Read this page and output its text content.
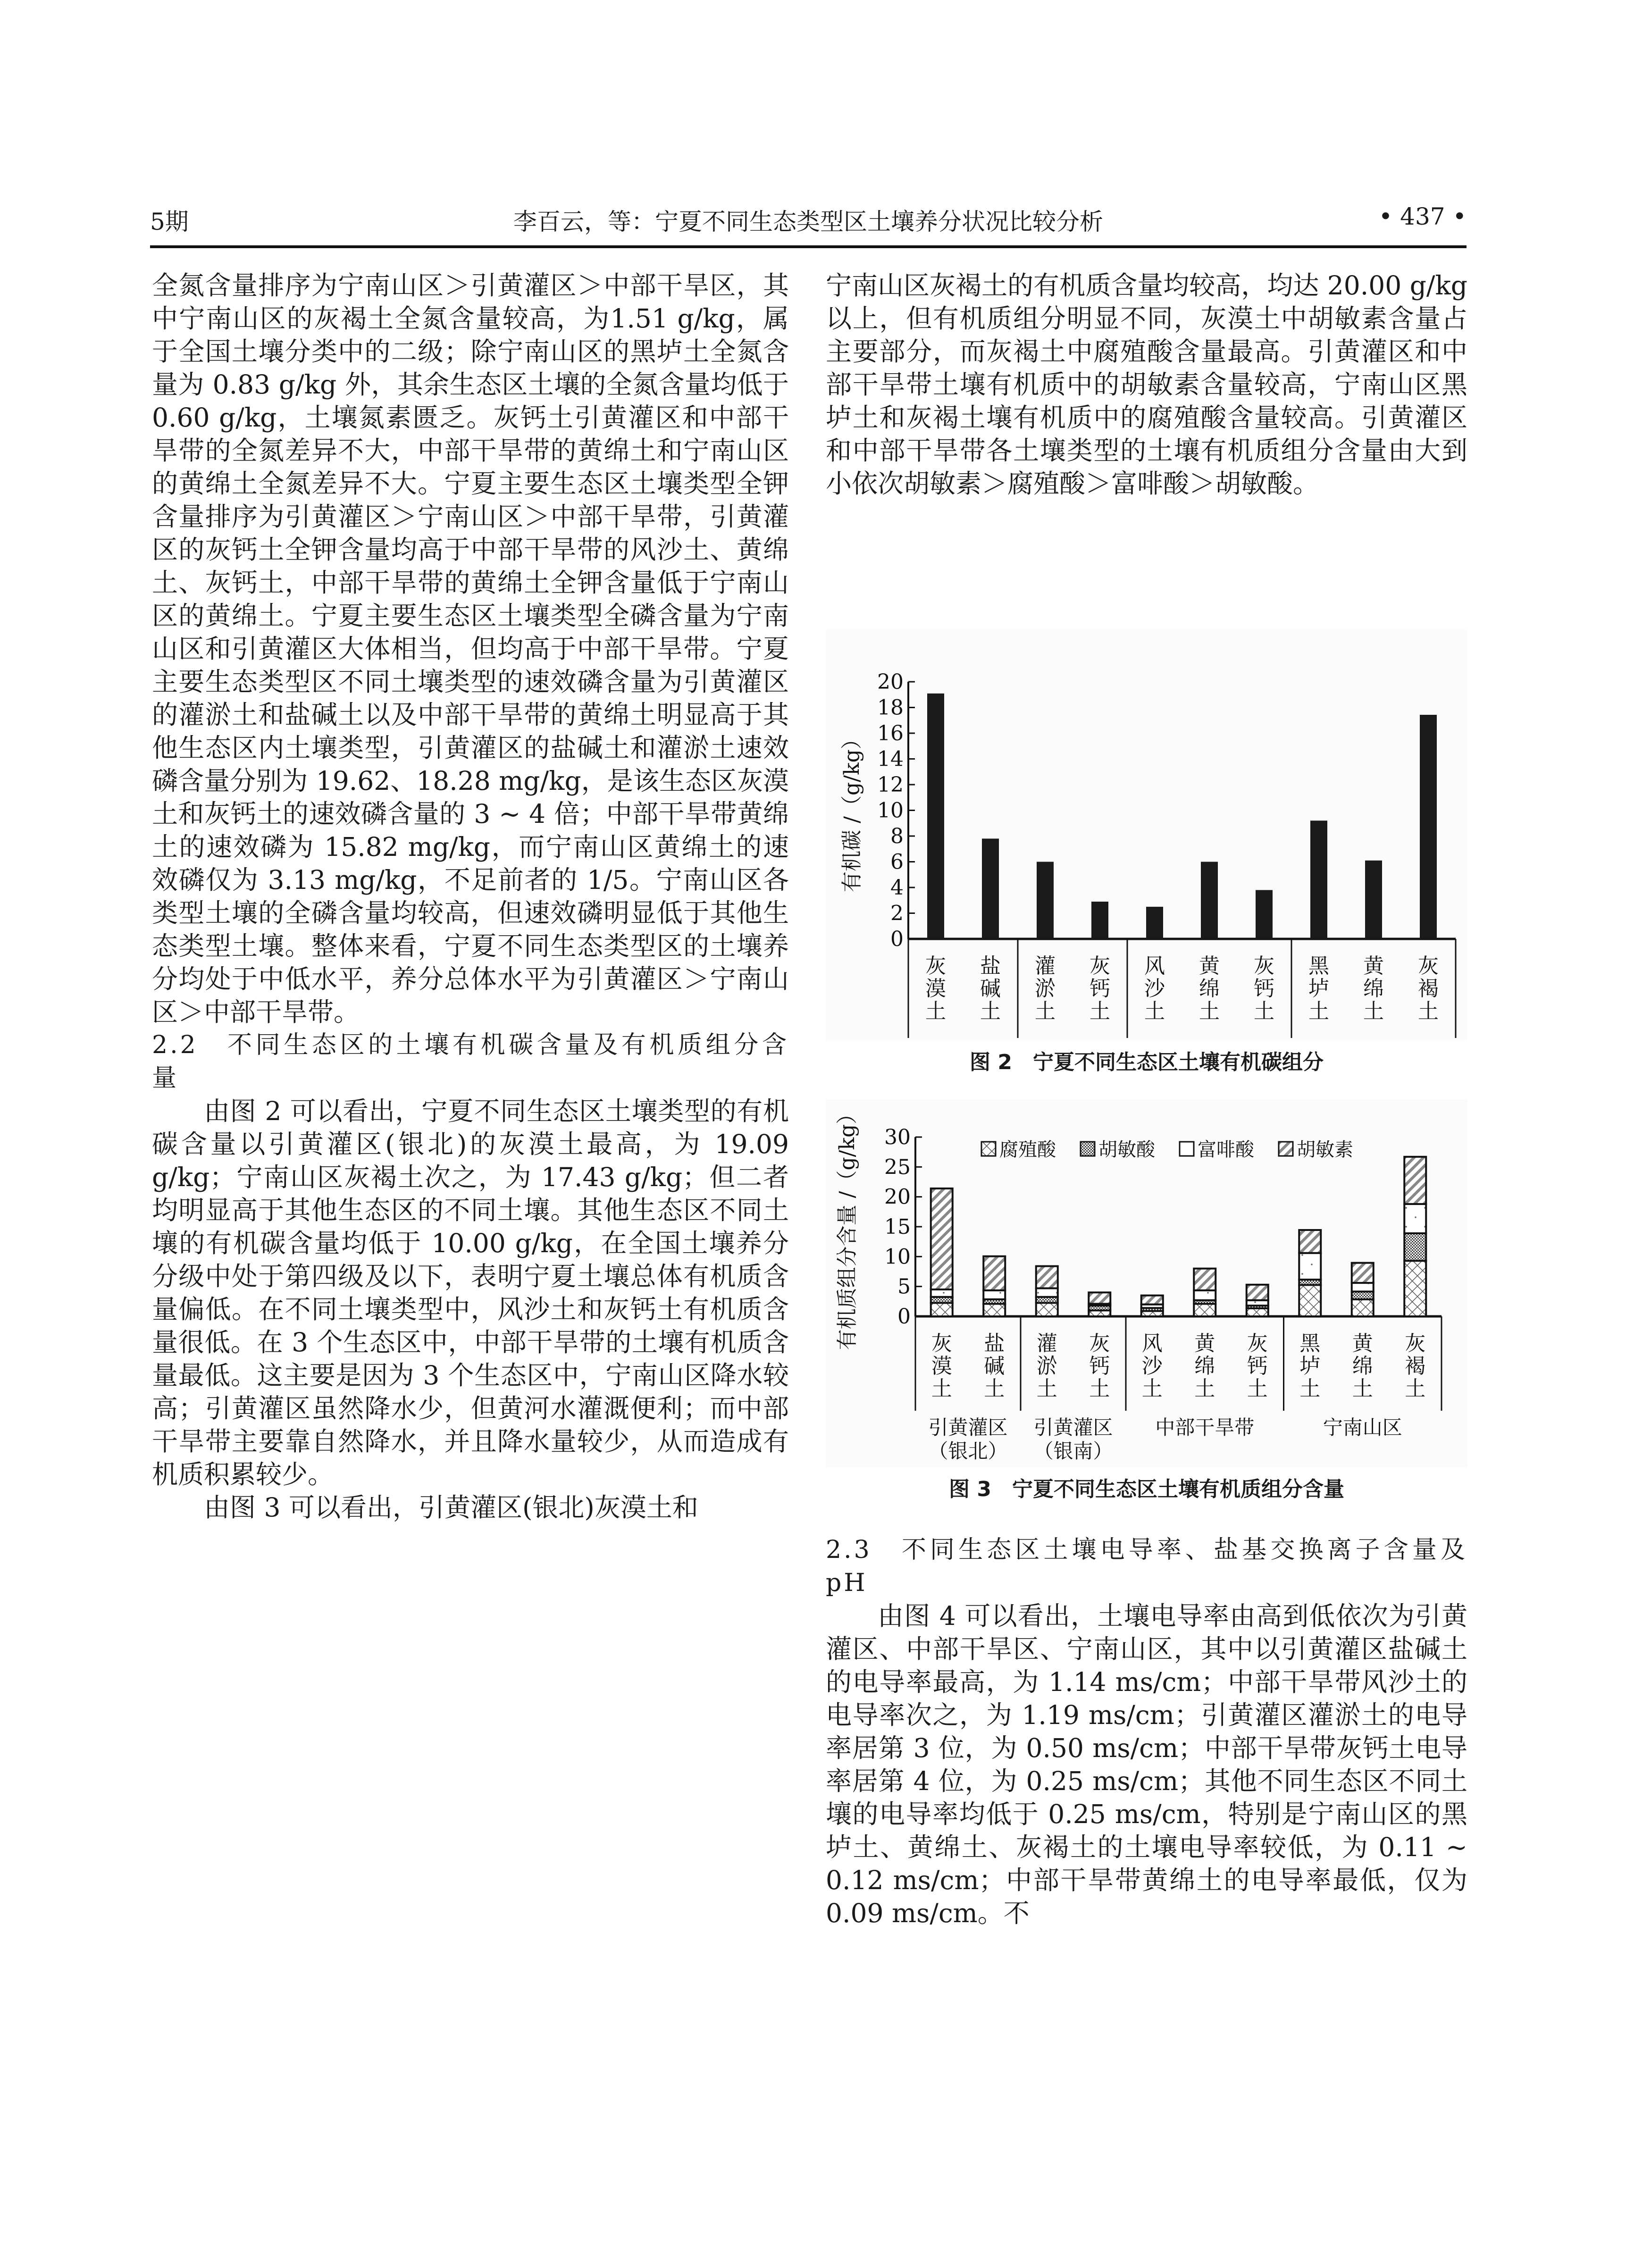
5期	李百云，等：宁夏不同生态类型区土壤养分状况比较分析	• 437 •

全氮含量排序为宁南山区＞引黄灌区＞中部干旱区，其中宁南山区的灰褐土全氮含量较高，为1.51 g/kg，属于全国土壤分类中的二级；除宁南山区的黑垆土全氮含量为 0.83 g/kg 外，其余生态区土壤的全氮含量均低于 0.60 g/kg，土壤氮素匮乏。灰钙土引黄灌区和中部干旱带的全氮差异不大，中部干旱带的黄绵土和宁南山区的黄绵土全氮差异不大。宁夏主要生态区土壤类型全钾含量排序为引黄灌区＞宁南山区＞中部干旱带，引黄灌区的灰钙土全钾含量均高于中部干旱带的风沙土、黄绵土、灰钙土，中部干旱带的黄绵土全钾含量低于宁南山区的黄绵土。宁夏主要生态区土壤类型全磷含量为宁南山区和引黄灌区大体相当，但均高于中部干旱带。宁夏主要生态类型区不同土壤类型的速效磷含量为引黄灌区的灌淤土和盐碱土以及中部干旱带的黄绵土明显高于其他生态区内土壤类型，引黄灌区的盐碱土和灌淤土速效磷含量分别为 19.62、18.28 mg/kg，是该生态区灰漠土和灰钙土的速效磷含量的 3 ~ 4 倍；中部干旱带黄绵土的速效磷为 15.82 mg/kg，而宁南山区黄绵土的速效磷仅为 3.13 mg/kg，不足前者的 1/5。宁南山区各类型土壤的全磷含量均较高，但速效磷明显低于其他生态类型土壤。整体来看，宁夏不同生态类型区的土壤养分均处于中低水平，养分总体水平为引黄灌区＞宁南山区＞中部干旱带。

2.2　不同生态区的土壤有机碳含量及有机质组分含量

由图 2 可以看出，宁夏不同生态区土壤类型的有机碳含量以引黄灌区(银北)的灰漠土最高，为 19.09 g/kg；宁南山区灰褐土次之，为 17.43 g/kg；但二者均明显高于其他生态区的不同土壤。其他生态区不同土壤的有机碳含量均低于 10.00 g/kg，在全国土壤养分分级中处于第四级及以下，表明宁夏土壤总体有机质含量偏低。在不同土壤类型中，风沙土和灰钙土有机质含量很低。在 3 个生态区中，中部干旱带的土壤有机质含量最低。这主要是因为 3 个生态区中，宁南山区降水较高；引黄灌区虽然降水少，但黄河水灌溉便利；而中部干旱带主要靠自然降水，并且降水量较少，从而造成有机质积累较少。

由图 3 可以看出，引黄灌区(银北)灰漠土和

宁南山区灰褐土的有机质含量均较高，均达 20.00 g/kg 以上，但有机质组分明显不同，灰漠土中胡敏素含量占主要部分，而灰褐土中腐殖酸含量最高。引黄灌区和中部干旱带土壤有机质中的胡敏素含量较高，宁南山区黑垆土和灰褐土壤有机质中的腐殖酸含量较高。引黄灌区和中部干旱带各土壤类型的土壤有机质组分含量由大到小依次胡敏素＞腐殖酸＞富啡酸＞胡敏酸。

0
2
4
6
8
10
12
14
16
18
20
有机碳 /（g/kg）
灰
漠
土
盐
碱
土
灌
淤
土
灰
钙
土
风
沙
土
黄
绵
土
灰
钙
土
黑
垆
土
黄
绵
土
灰
褐
土
图 2　宁夏不同生态区土壤有机碳组分
0
5
10
15
20
25
30
有机质组分含量 /（g/kg）	灰
漠
土
盐
碱
土
灌
淤
土
灰
钙
土
风
沙
土
黄
绵
土
灰
钙
土
黑
垆
土
黄
绵
土
灰
褐
土
引黄灌区
（银北）
引黄灌区
（银南）
中部干旱带	宁南山区
腐殖酸 胡敏酸 富啡酸 胡敏素
图 3　宁夏不同生态区土壤有机质组分含量

2.3　不同生态区土壤电导率、盐基交换离子含量及 pH

由图 4 可以看出，土壤电导率由高到低依次为引黄灌区、中部干旱区、宁南山区，其中以引黄灌区盐碱土的电导率最高，为 1.14 ms/cm；中部干旱带风沙土的电导率次之，为 1.19 ms/cm；引黄灌区灌淤土的电导率居第 3 位，为 0.50 ms/cm；中部干旱带灰钙土电导率居第 4 位，为 0.25 ms/cm；其他不同生态区不同土壤的电导率均低于 0.25 ms/cm，特别是宁南山区的黑垆土、黄绵土、灰褐土的土壤电导率较低，为 0.11 ~ 0.12 ms/cm；中部干旱带黄绵土的电导率最低，仅为 0.09 ms/cm。不
